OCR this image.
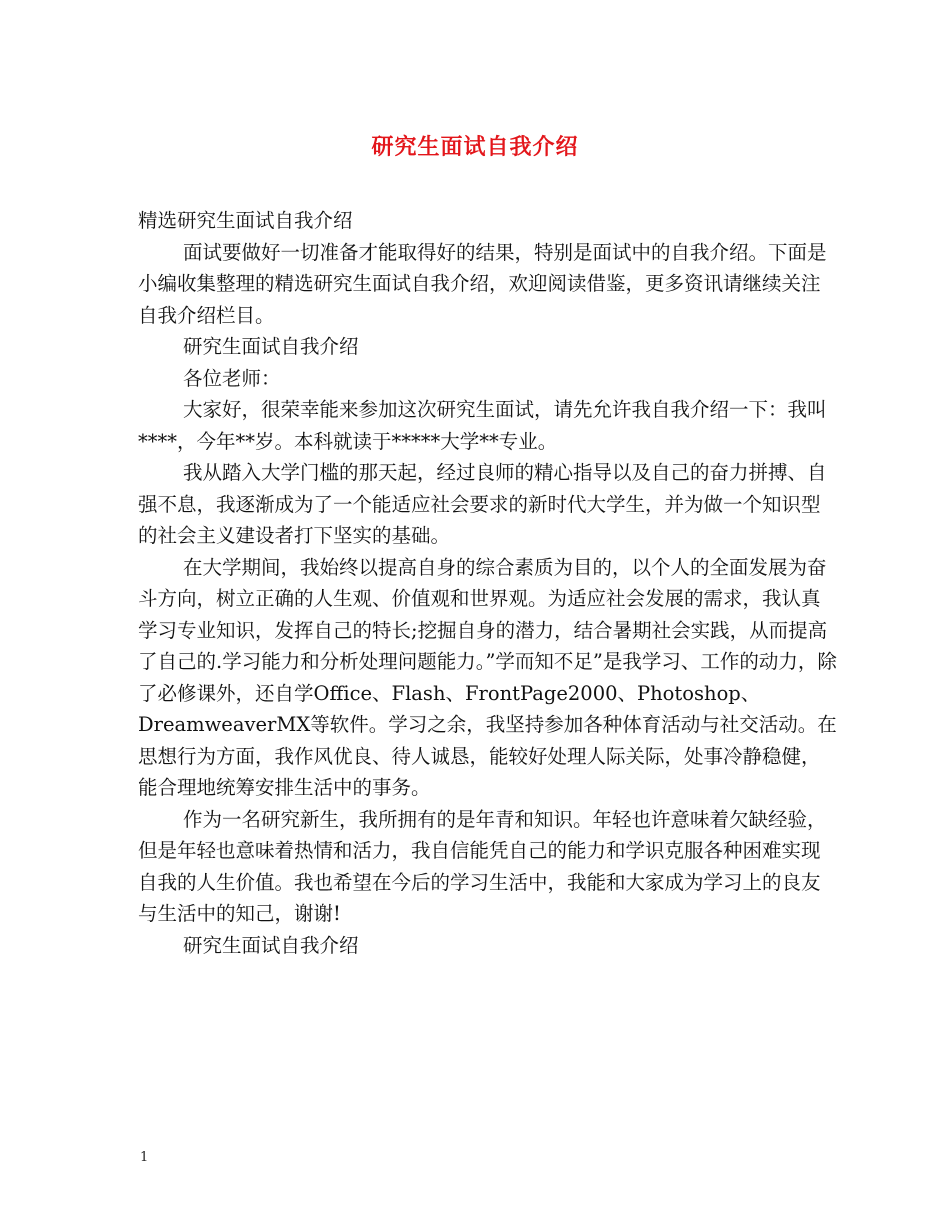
研究生面试自我介绍

精选研究生面试自我介绍

面试要做好一切准备才能取得好的结果，特别是面试中的自我介绍。下面是小编收集整理的精选研究生面试自我介绍，欢迎阅读借鉴，更多资讯请继续关注自我介绍栏目。

研究生面试自我介绍

各位老师：

大家好，很荣幸能来参加这次研究生面试，请先允许我自我介绍一下：我叫****，今年**岁。本科就读于*****大学**专业。

我从踏入大学门槛的那天起，经过良师的精心指导以及自己的奋力拼搏、自强不息，我逐渐成为了一个能适应社会要求的新时代大学生，并为做一个知识型的社会主义建设者打下坚实的基础。

在大学期间，我始终以提高自身的综合素质为目的，以个人的全面发展为奋斗方向，树立正确的人生观、价值观和世界观。为适应社会发展的需求，我认真学习专业知识，发挥自己的特长;挖掘自身的潜力，结合暑期社会实践，从而提高了自己的.学习能力和分析处理问题能力。”学而知不足”是我学习、工作的动力，除了必修课外，还自学Office、Flash、FrontPage2000、Photoshop、DreamweaverMX等软件。学习之余，我坚持参加各种体育活动与社交活动。在思想行为方面，我作风优良、待人诚恳，能较好处理人际关际，处事冷静稳健，能合理地统筹安排生活中的事务。

作为一名研究新生，我所拥有的是年青和知识。年轻也许意味着欠缺经验，但是年轻也意味着热情和活力，我自信能凭自己的能力和学识克服各种困难实现自我的人生价值。我也希望在今后的学习生活中，我能和大家成为学习上的良友与生活中的知己，谢谢!

研究生面试自我介绍

1
